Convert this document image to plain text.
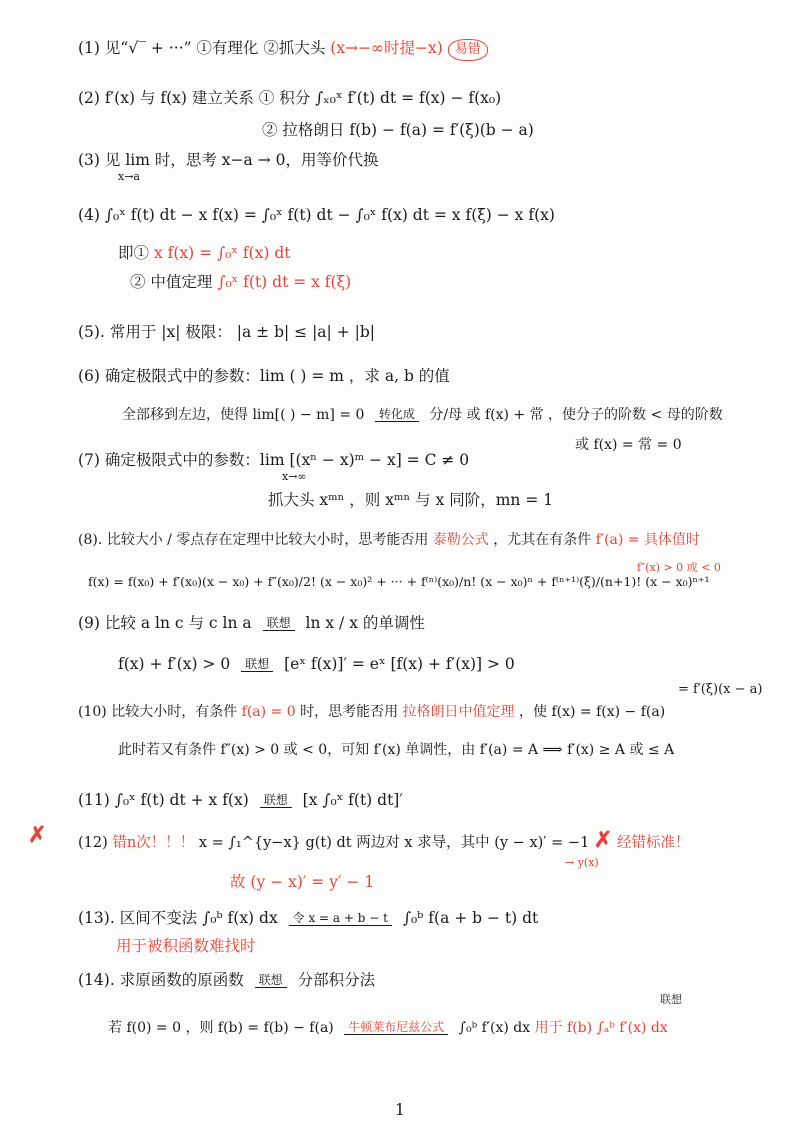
(1) 见“√‾ + ···” ①有理化 ②抓大头 (x→−∞时提−x) 易错
(2) f′(x) 与 f(x) 建立关系 ① 积分 ∫ₓ₀ˣ f′(t) dt = f(x) − f(x₀)
② 拉格朗日 f(b) − f(a) = f′(ξ)(b − a)
(3) 见 lim 时，思考 x−a → 0，用等价代换
x→a
(4) ∫₀ˣ f(t) dt − x f(x) = ∫₀ˣ f(t) dt − ∫₀ˣ f(x) dt = x f(ξ) − x f(x)
即① x f(x) = ∫₀ˣ f(x) dt
② 中值定理 ∫₀ˣ f(t) dt = x f(ξ)
(5). 常用于 |x| 极限： |a ± b| ≤ |a| + |b|
(6) 确定极限式中的参数：lim ( ) = m ，求 a, b 的值
全部移到左边，使得 lim[( ) − m] = 0	转化成 分/母 或 f(x) + 常 ，使分子的阶数 < 母的阶数
或 f(x) = 常 = 0
(7) 确定极限式中的参数：lim [(xⁿ − x)ᵐ − x] = C ≠ 0
x→∞
抓大头 xᵐⁿ ，则 xᵐⁿ 与 x 同阶，mn = 1
(8). 比较大小 / 零点存在定理中比较大小时，思考能否用 泰勒公式 ，尤其在有条件 f′(a) = 具体值时
f″(x) > 0 或 < 0
f(x) = f(x₀) + f′(x₀)(x − x₀) + f″(x₀)/2! (x − x₀)² + ··· + f⁽ⁿ⁾(x₀)/n! (x − x₀)ⁿ + f⁽ⁿ⁺¹⁾(ξ)/(n+1)! (x − x₀)ⁿ⁺¹
(9) 比较 a ln c 与 c ln a	联想 ln x / x 的单调性
f(x) + f′(x) > 0	联想 [eˣ f(x)]′ = eˣ [f(x) + f′(x)] > 0
= f′(ξ)(x − a)
(10) 比较大小时，有条件 f(a) = 0 时，思考能否用 拉格朗日中值定理 ，使 f(x) = f(x) − f(a)
此时若又有条件 f″(x) > 0 或 < 0，可知 f′(x) 单调性，由 f′(a) = A ⟹ f′(x) ≥ A 或 ≤ A
(11) ∫₀ˣ f(t) dt + x f(x)	联想 [x ∫₀ˣ f(t) dt]′
✗ (12) 错n次！！！ x = ∫₁^{y−x} g(t) dt 两边对 x 求导，其中 (y − x)′ = −1 ✗ 经错标准！
→ y(x)
故 (y − x)′ = y′ − 1
(13). 区间不变法 ∫₀ᵇ f(x) dx	令 x = a + b − t ∫₀ᵇ f(a + b − t) dt
用于被积函数难找时
(14). 求原函数的原函数	联想 分部积分法
联想
若 f(0) = 0 ，则 f(b) = f(b) − f(a)	牛顿莱布尼兹公式 ∫₀ᵇ f′(x) dx 用于 f(b) ∫ₐᵇ f′(x) dx
1
